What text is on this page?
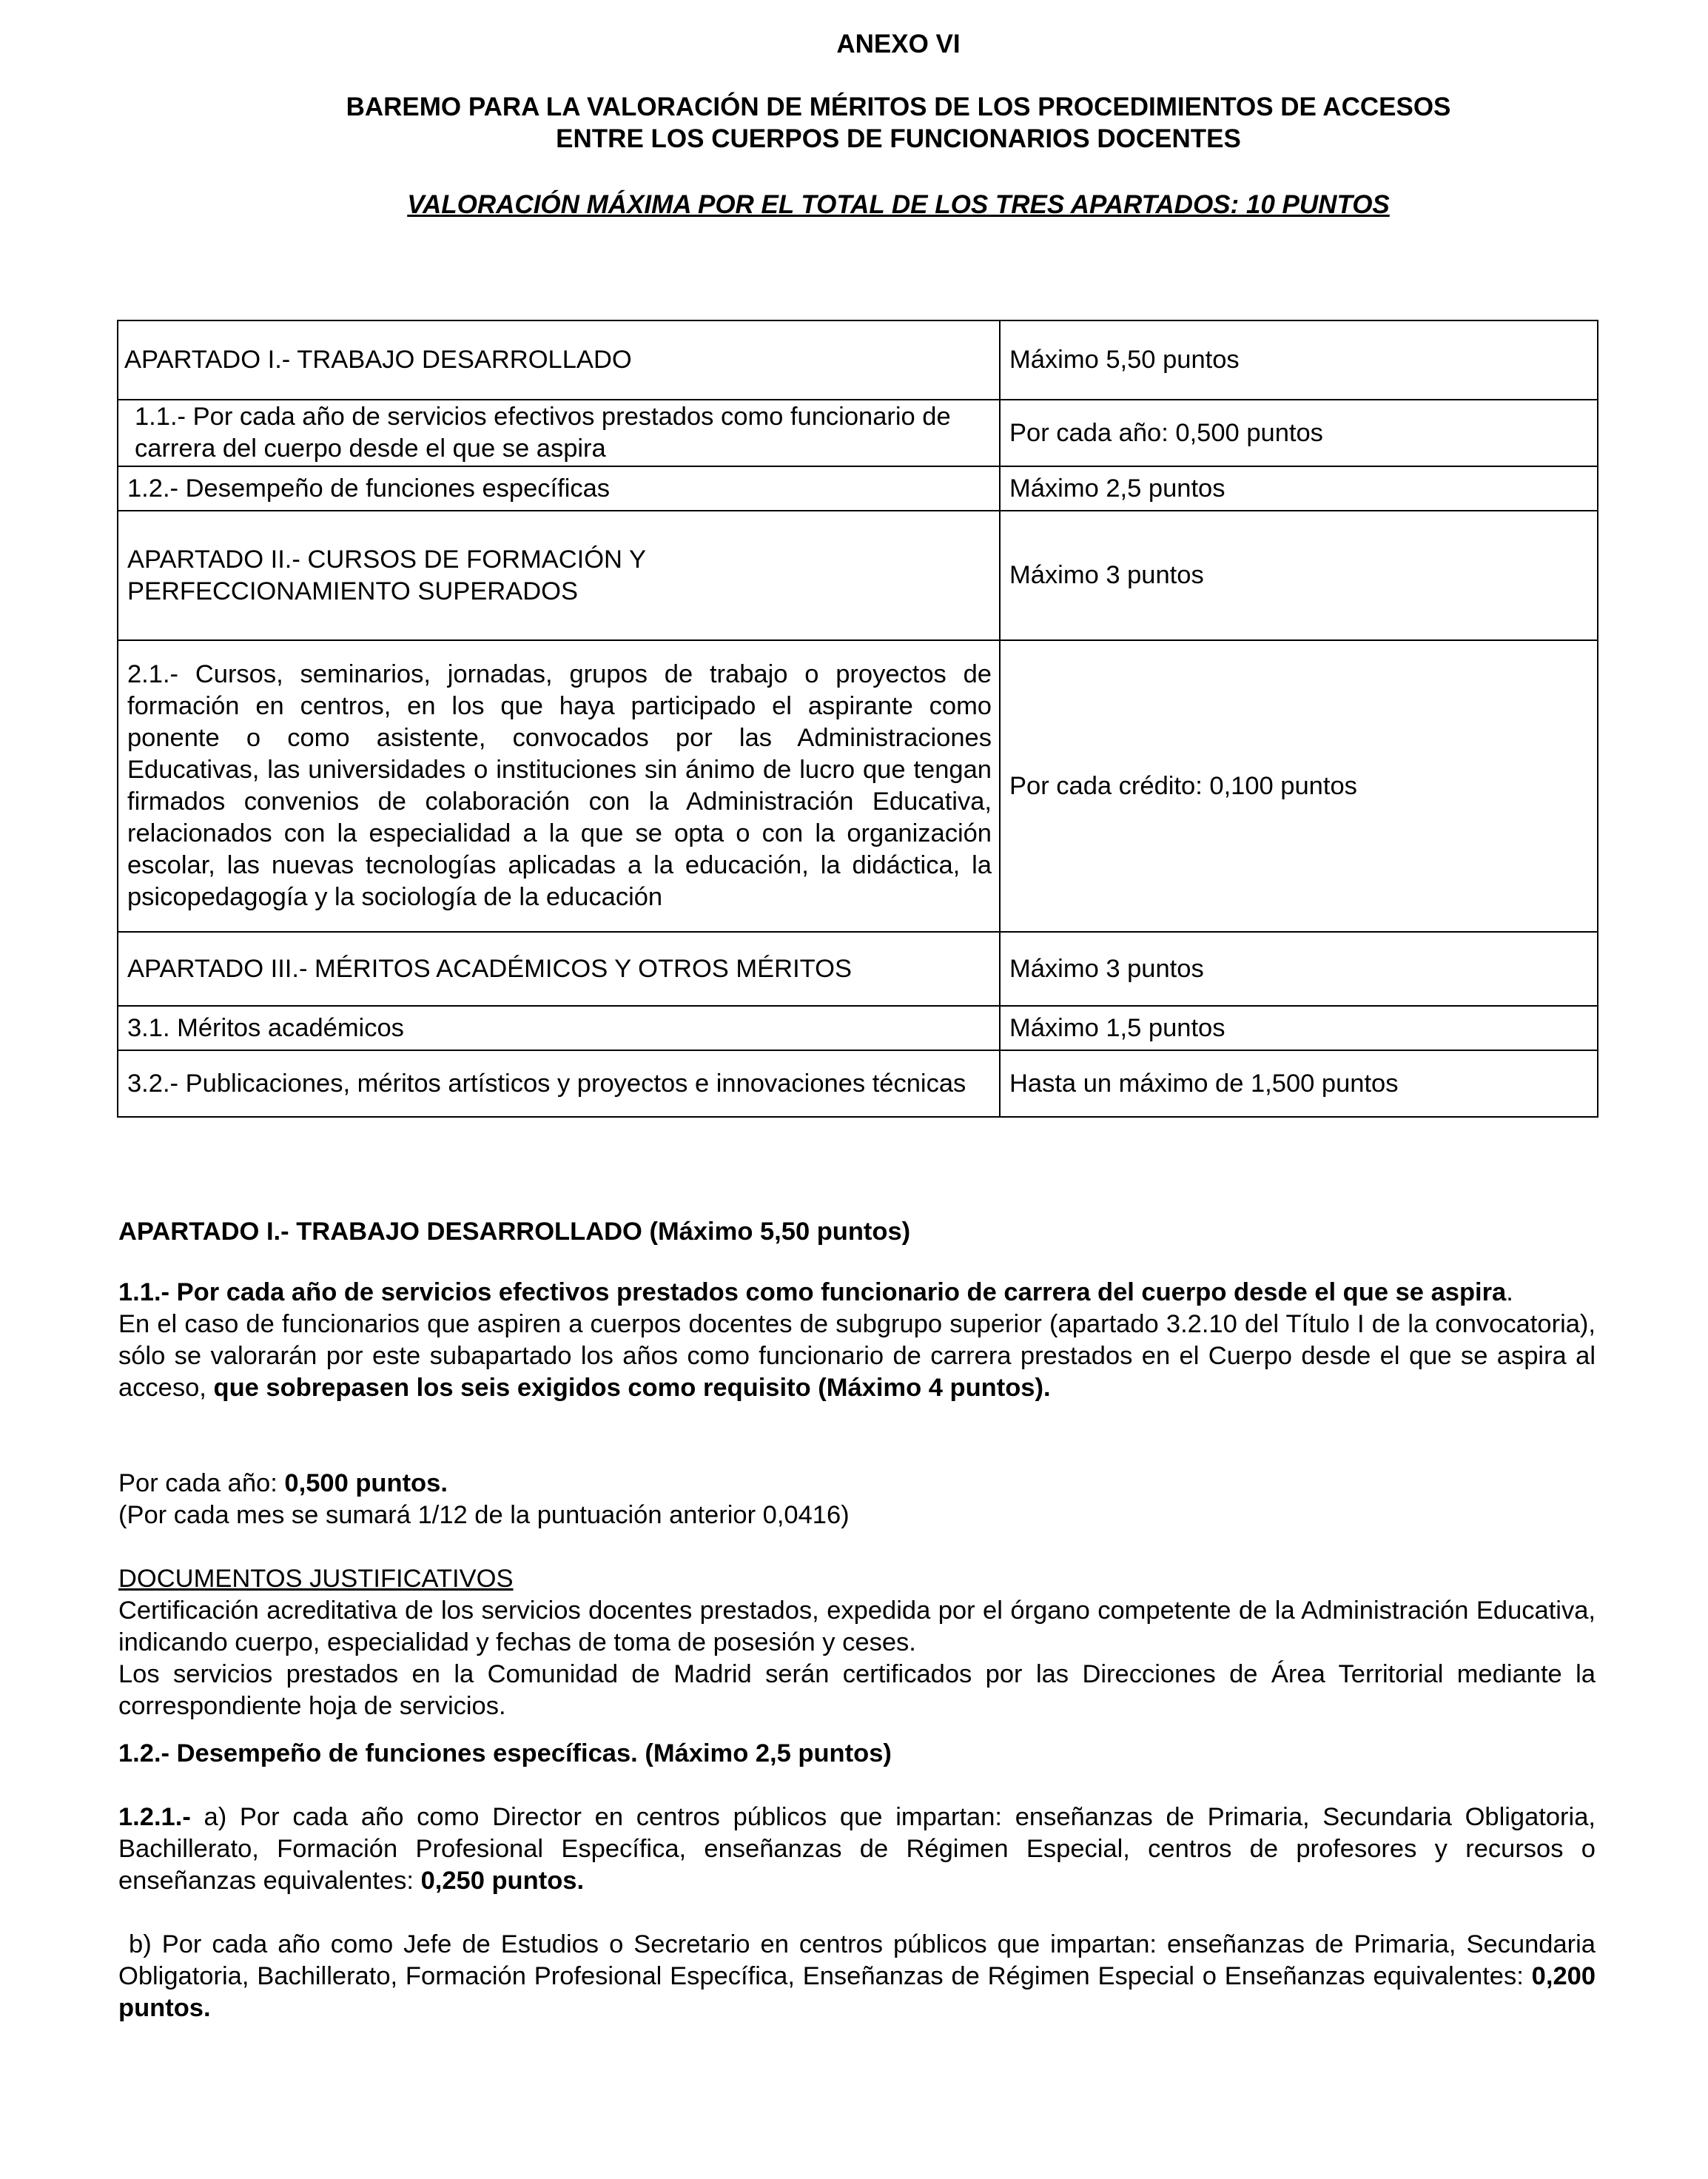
ANEXO VI
BAREMO PARA LA VALORACIÓN DE MÉRITOS DE LOS PROCEDIMIENTOS DE ACCESOS
ENTRE LOS CUERPOS DE FUNCIONARIOS DOCENTES
VALORACIÓN MÁXIMA POR EL TOTAL DE LOS TRES APARTADOS: 10 PUNTOS
APARTADO I.- TRABAJO DESARROLLADO	Máximo 5,50 puntos
1.1.- Por cada año de servicios efectivos prestados como funcionario de carrera del cuerpo desde el que se aspira	Por cada año: 0,500 puntos
1.2.- Desempeño de funciones específicas	Máximo 2,5 puntos
APARTADO II.- CURSOS DE FORMACIÓN Y PERFECCIONAMIENTO SUPERADOS	Máximo 3 puntos
2.1.- Cursos, seminarios, jornadas, grupos de trabajo o proyectos de formación en centros, en los que haya participado el aspirante como ponente o como asistente, convocados por las Administraciones Educativas, las universidades o instituciones sin ánimo de lucro que tengan firmados convenios de colaboración con la Administración Educativa, relacionados con la especialidad a la que se opta o con la organización escolar, las nuevas tecnologías aplicadas a la educación, la didáctica, la psicopedagogía y la sociología de la educación	Por cada crédito: 0,100 puntos
APARTADO III.- MÉRITOS ACADÉMICOS Y OTROS MÉRITOS	Máximo 3 puntos
3.1. Méritos académicos	Máximo 1,5 puntos
3.2.- Publicaciones, méritos artísticos y proyectos e innovaciones técnicas	Hasta un máximo de 1,500 puntos
APARTADO I.- TRABAJO DESARROLLADO (Máximo 5,50 puntos)

1.1.- Por cada año de servicios efectivos prestados como funcionario de carrera del cuerpo desde el que se aspira.

En el caso de funcionarios que aspiren a cuerpos docentes de subgrupo superior (apartado 3.2.10 del Título I de la convocatoria), sólo se valorarán por este subapartado los años como funcionario de carrera prestados en el Cuerpo desde el que se aspira al acceso, que sobrepasen los seis exigidos como requisito (Máximo 4 puntos).

Por cada año: 0,500 puntos.
(Por cada mes se sumará 1/12 de la puntuación anterior 0,0416)
DOCUMENTOS JUSTIFICATIVOS
Certificación acreditativa de los servicios docentes prestados, expedida por el órgano competente de la Administración Educativa, indicando cuerpo, especialidad y fechas de toma de posesión y ceses.
Los servicios prestados en la Comunidad de Madrid serán certificados por las Direcciones de Área Territorial mediante la correspondiente hoja de servicios.
1.2.- Desempeño de funciones específicas. (Máximo 2,5 puntos)
1.2.1.- a) Por cada año como Director en centros públicos que impartan: enseñanzas de Primaria, Secundaria Obligatoria, Bachillerato, Formación Profesional Específica, enseñanzas de Régimen Especial, centros de profesores y recursos o enseñanzas equivalentes: 0,250 puntos.
b) Por cada año como Jefe de Estudios o Secretario en centros públicos que impartan: enseñanzas de Primaria, Secundaria Obligatoria, Bachillerato, Formación Profesional Específica, Enseñanzas de Régimen Especial o Enseñanzas equivalentes: 0,200 puntos.
